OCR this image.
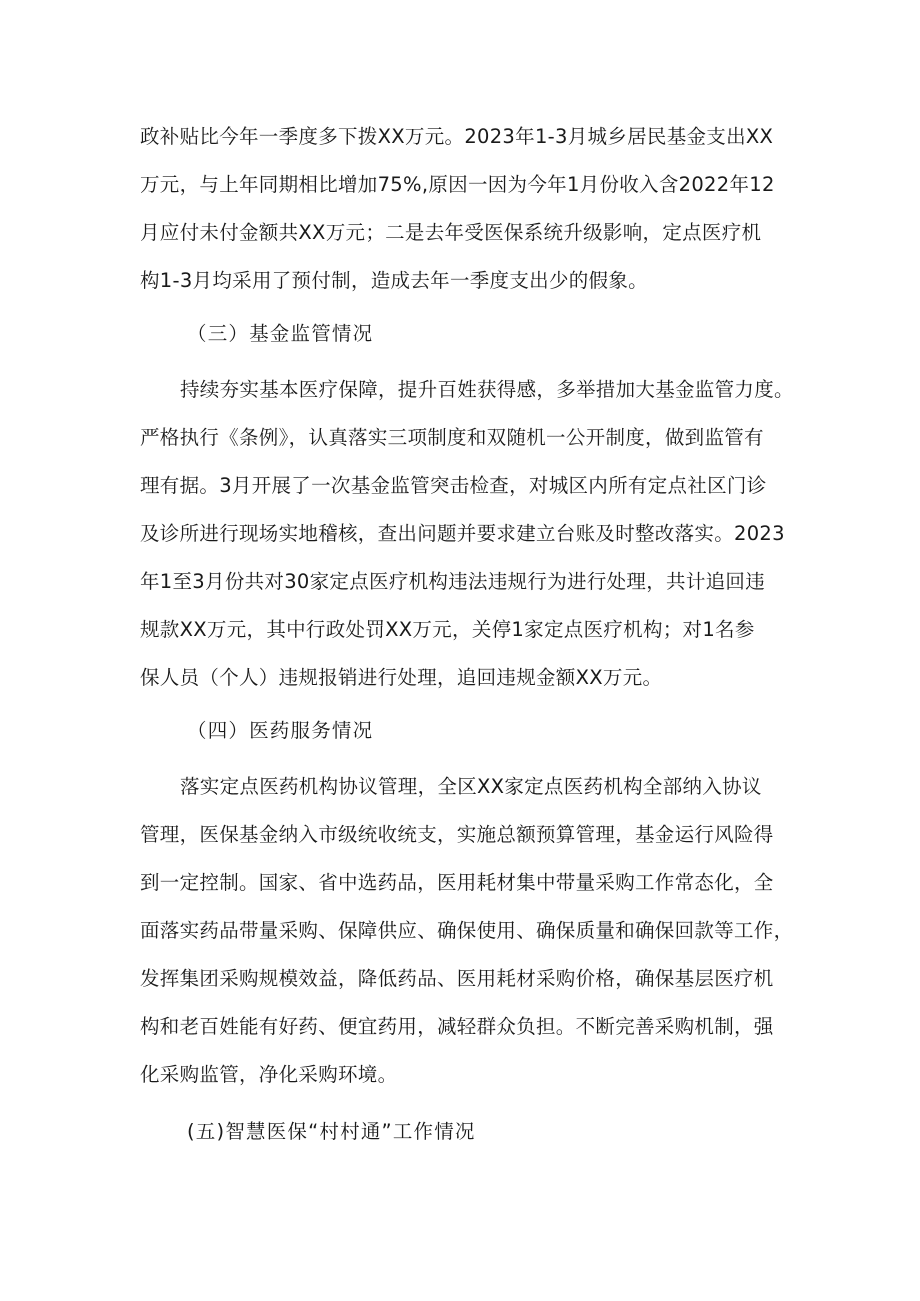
政补贴比今年一季度多下拨XX万元。2023年1-3月城乡居民基金支出XX
万元，与上年同期相比增加75%,原因一因为今年1月份收入含2022年12
月应付未付金额共XX万元；二是去年受医保系统升级影响，定点医疗机
构1-3月均采用了预付制，造成去年一季度支出少的假象。
（三）基金监管情况
持续夯实基本医疗保障，提升百姓获得感，多举措加大基金监管力度。
严格执行《条例》，认真落实三项制度和双随机一公开制度，做到监管有
理有据。3月开展了一次基金监管突击检查，对城区内所有定点社区门诊
及诊所进行现场实地稽核，查出问题并要求建立台账及时整改落实。2023
年1至3月份共对30家定点医疗机构违法违规行为进行处理，共计追回违
规款XX万元，其中行政处罚XX万元，关停1家定点医疗机构；对1名参
保人员（个人）违规报销进行处理，追回违规金额XX万元。
（四）医药服务情况
落实定点医药机构协议管理，全区XX家定点医药机构全部纳入协议
管理，医保基金纳入市级统收统支，实施总额预算管理，基金运行风险得
到一定控制。国家、省中选药品，医用耗材集中带量采购工作常态化，全
面落实药品带量采购、保障供应、确保使用、确保质量和确保回款等工作，
发挥集团采购规模效益，降低药品、医用耗材采购价格，确保基层医疗机
构和老百姓能有好药、便宜药用，减轻群众负担。不断完善采购机制，强
化采购监管，净化采购环境。
(五)智慧医保“村村通”工作情况
